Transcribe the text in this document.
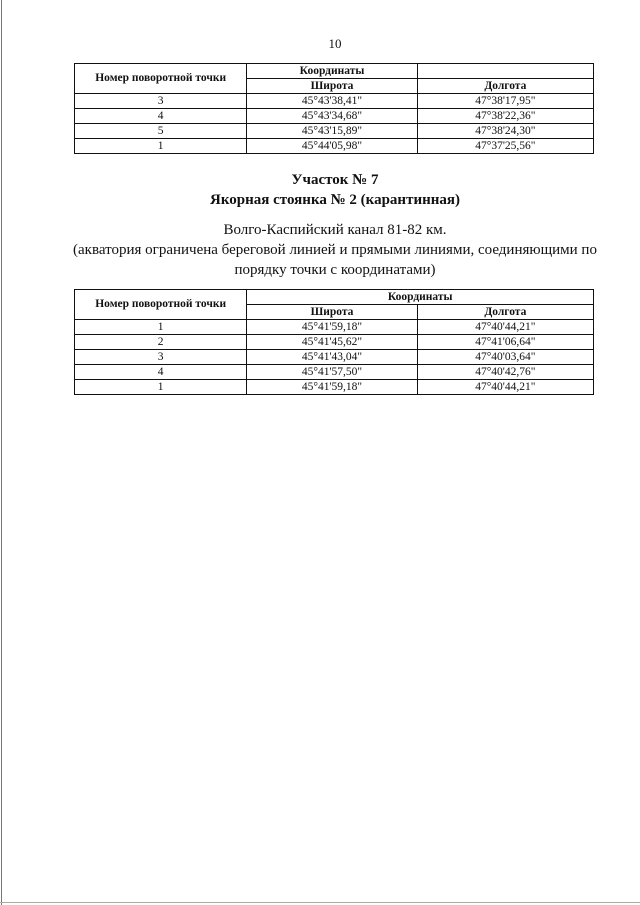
10
Номер поворотной точки	Координаты	
	Широта	Долгота
3	45°43'38,41"	47°38'17,95"
4	45°43'34,68"	47°38'22,36"
5	45°43'15,89"	47°38'24,30"
1	45°44'05,98"	47°37'25,56"
Участок № 7
Якорная стоянка № 2 (карантинная)
Волго-Каспийский канал 81-82 км.
(акватория ограничена береговой линией и прямыми линиями, соединяющими по порядку точки с координатами)
Номер поворотной точки	Координаты	
	Широта	Долгота
1	45°41'59,18"	47°40'44,21"
2	45°41'45,62"	47°41'06,64"
3	45°41'43,04"	47°40'03,64"
4	45°41'57,50"	47°40'42,76"
1	45°41'59,18"	47°40'44,21"
